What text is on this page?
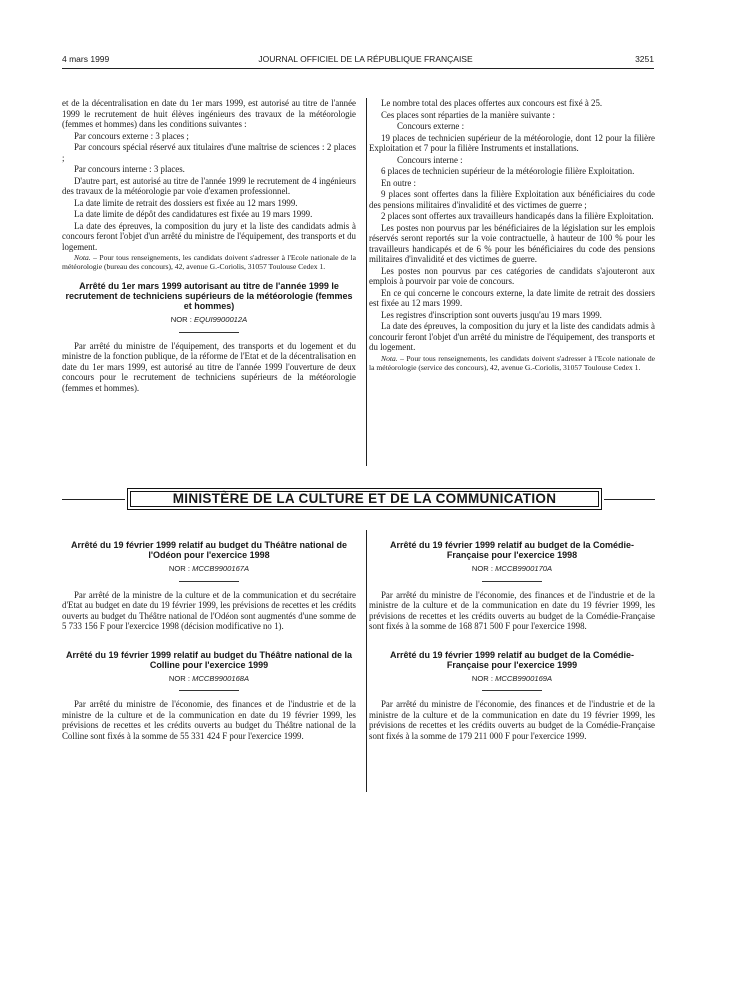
4 mars 1999	JOURNAL OFFICIEL DE LA RÉPUBLIQUE FRANÇAISE	3251

et de la décentralisation en date du 1er mars 1999, est autorisé au titre de l'année 1999 le recrutement de huit élèves ingénieurs des travaux de la météorologie (femmes et hommes) dans les conditions suivantes :

Par concours externe : 3 places ;

Par concours spécial réservé aux titulaires d'une maîtrise de sciences : 2 places ;

Par concours interne : 3 places.

D'autre part, est autorisé au titre de l'année 1999 le recrutement de 4 ingénieurs des travaux de la météorologie par voie d'examen professionnel.

La date limite de retrait des dossiers est fixée au 12 mars 1999.

La date limite de dépôt des candidatures est fixée au 19 mars 1999.

La date des épreuves, la composition du jury et la liste des candidats admis à concours feront l'objet d'un arrêté du ministre de l'équipement, des transports et du logement.

Nota. – Pour tous renseignements, les candidats doivent s'adresser à l'Ecole nationale de la météorologie (bureau des concours), 42, avenue G.-Coriolis, 31057 Toulouse Cedex 1.

Arrêté du 1er mars 1999 autorisant au titre de l'année 1999 le recrutement de techniciens supérieurs de la météorologie (femmes et hommes)
NOR : EQUI9900012A

Par arrêté du ministre de l'équipement, des transports et du logement et du ministre de la fonction publique, de la réforme de l'Etat et de la décentralisation en date du 1er mars 1999, est autorisé au titre de l'année 1999 l'ouverture de deux concours pour le recrutement de techniciens supérieurs de la météorologie (femmes et hommes).

Le nombre total des places offertes aux concours est fixé à 25.

Ces places sont réparties de la manière suivante :

Concours externe :

19 places de technicien supérieur de la météorologie, dont 12 pour la filière Exploitation et 7 pour la filière Instruments et installations.

Concours interne :

6 places de technicien supérieur de la météorologie filière Exploitation.

En outre :

9 places sont offertes dans la filière Exploitation aux bénéficiaires du code des pensions militaires d'invalidité et des victimes de guerre ;

2 places sont offertes aux travailleurs handicapés dans la filière Exploitation.

Les postes non pourvus par les bénéficiaires de la législation sur les emplois réservés seront reportés sur la voie contractuelle, à hauteur de 100 % pour les travailleurs handicapés et de 6 % pour les bénéficiaires du code des pensions militaires d'invalidité et des victimes de guerre.

Les postes non pourvus par ces catégories de candidats s'ajouteront aux emplois à pourvoir par voie de concours.

En ce qui concerne le concours externe, la date limite de retrait des dossiers est fixée au 12 mars 1999.

Les registres d'inscription sont ouverts jusqu'au 19 mars 1999.

La date des épreuves, la composition du jury et la liste des candidats admis à concourir feront l'objet d'un arrêté du ministre de l'équipement, des transports et du logement.

Nota. – Pour tous renseignements, les candidats doivent s'adresser à l'Ecole nationale de la météorologie (service des concours), 42, avenue G.-Coriolis, 31057 Toulouse Cedex 1.

MINISTÈRE DE LA CULTURE ET DE LA COMMUNICATION
Arrêté du 19 février 1999 relatif au budget du Théâtre national de l'Odéon pour l'exercice 1998
NOR : MCCB9900167A

Par arrêté de la ministre de la culture et de la communication et du secrétaire d'Etat au budget en date du 19 février 1999, les prévisions de recettes et les crédits ouverts au budget du Théâtre national de l'Odéon sont augmentés d'une somme de 5 733 156 F pour l'exercice 1998 (décision modificative no 1).

Arrêté du 19 février 1999 relatif au budget du Théâtre national de la Colline pour l'exercice 1999
NOR : MCCB9900168A

Par arrêté du ministre de l'économie, des finances et de l'industrie et de la ministre de la culture et de la communication en date du 19 février 1999, les prévisions de recettes et les crédits ouverts au budget du Théâtre national de la Colline sont fixés à la somme de 55 331 424 F pour l'exercice 1999.

Arrêté du 19 février 1999 relatif au budget de la Comédie-Française pour l'exercice 1998
NOR : MCCB9900170A

Par arrêté du ministre de l'économie, des finances et de l'industrie et de la ministre de la culture et de la communication en date du 19 février 1999, les prévisions de recettes et les crédits ouverts au budget de la Comédie-Française sont fixés à la somme de 168 871 500 F pour l'exercice 1998.

Arrêté du 19 février 1999 relatif au budget de la Comédie-Française pour l'exercice 1999
NOR : MCCB9900169A

Par arrêté du ministre de l'économie, des finances et de l'industrie et de la ministre de la culture et de la communication en date du 19 février 1999, les prévisions de recettes et les crédits ouverts au budget de la Comédie-Française sont fixés à la somme de 179 211 000 F pour l'exercice 1999.
